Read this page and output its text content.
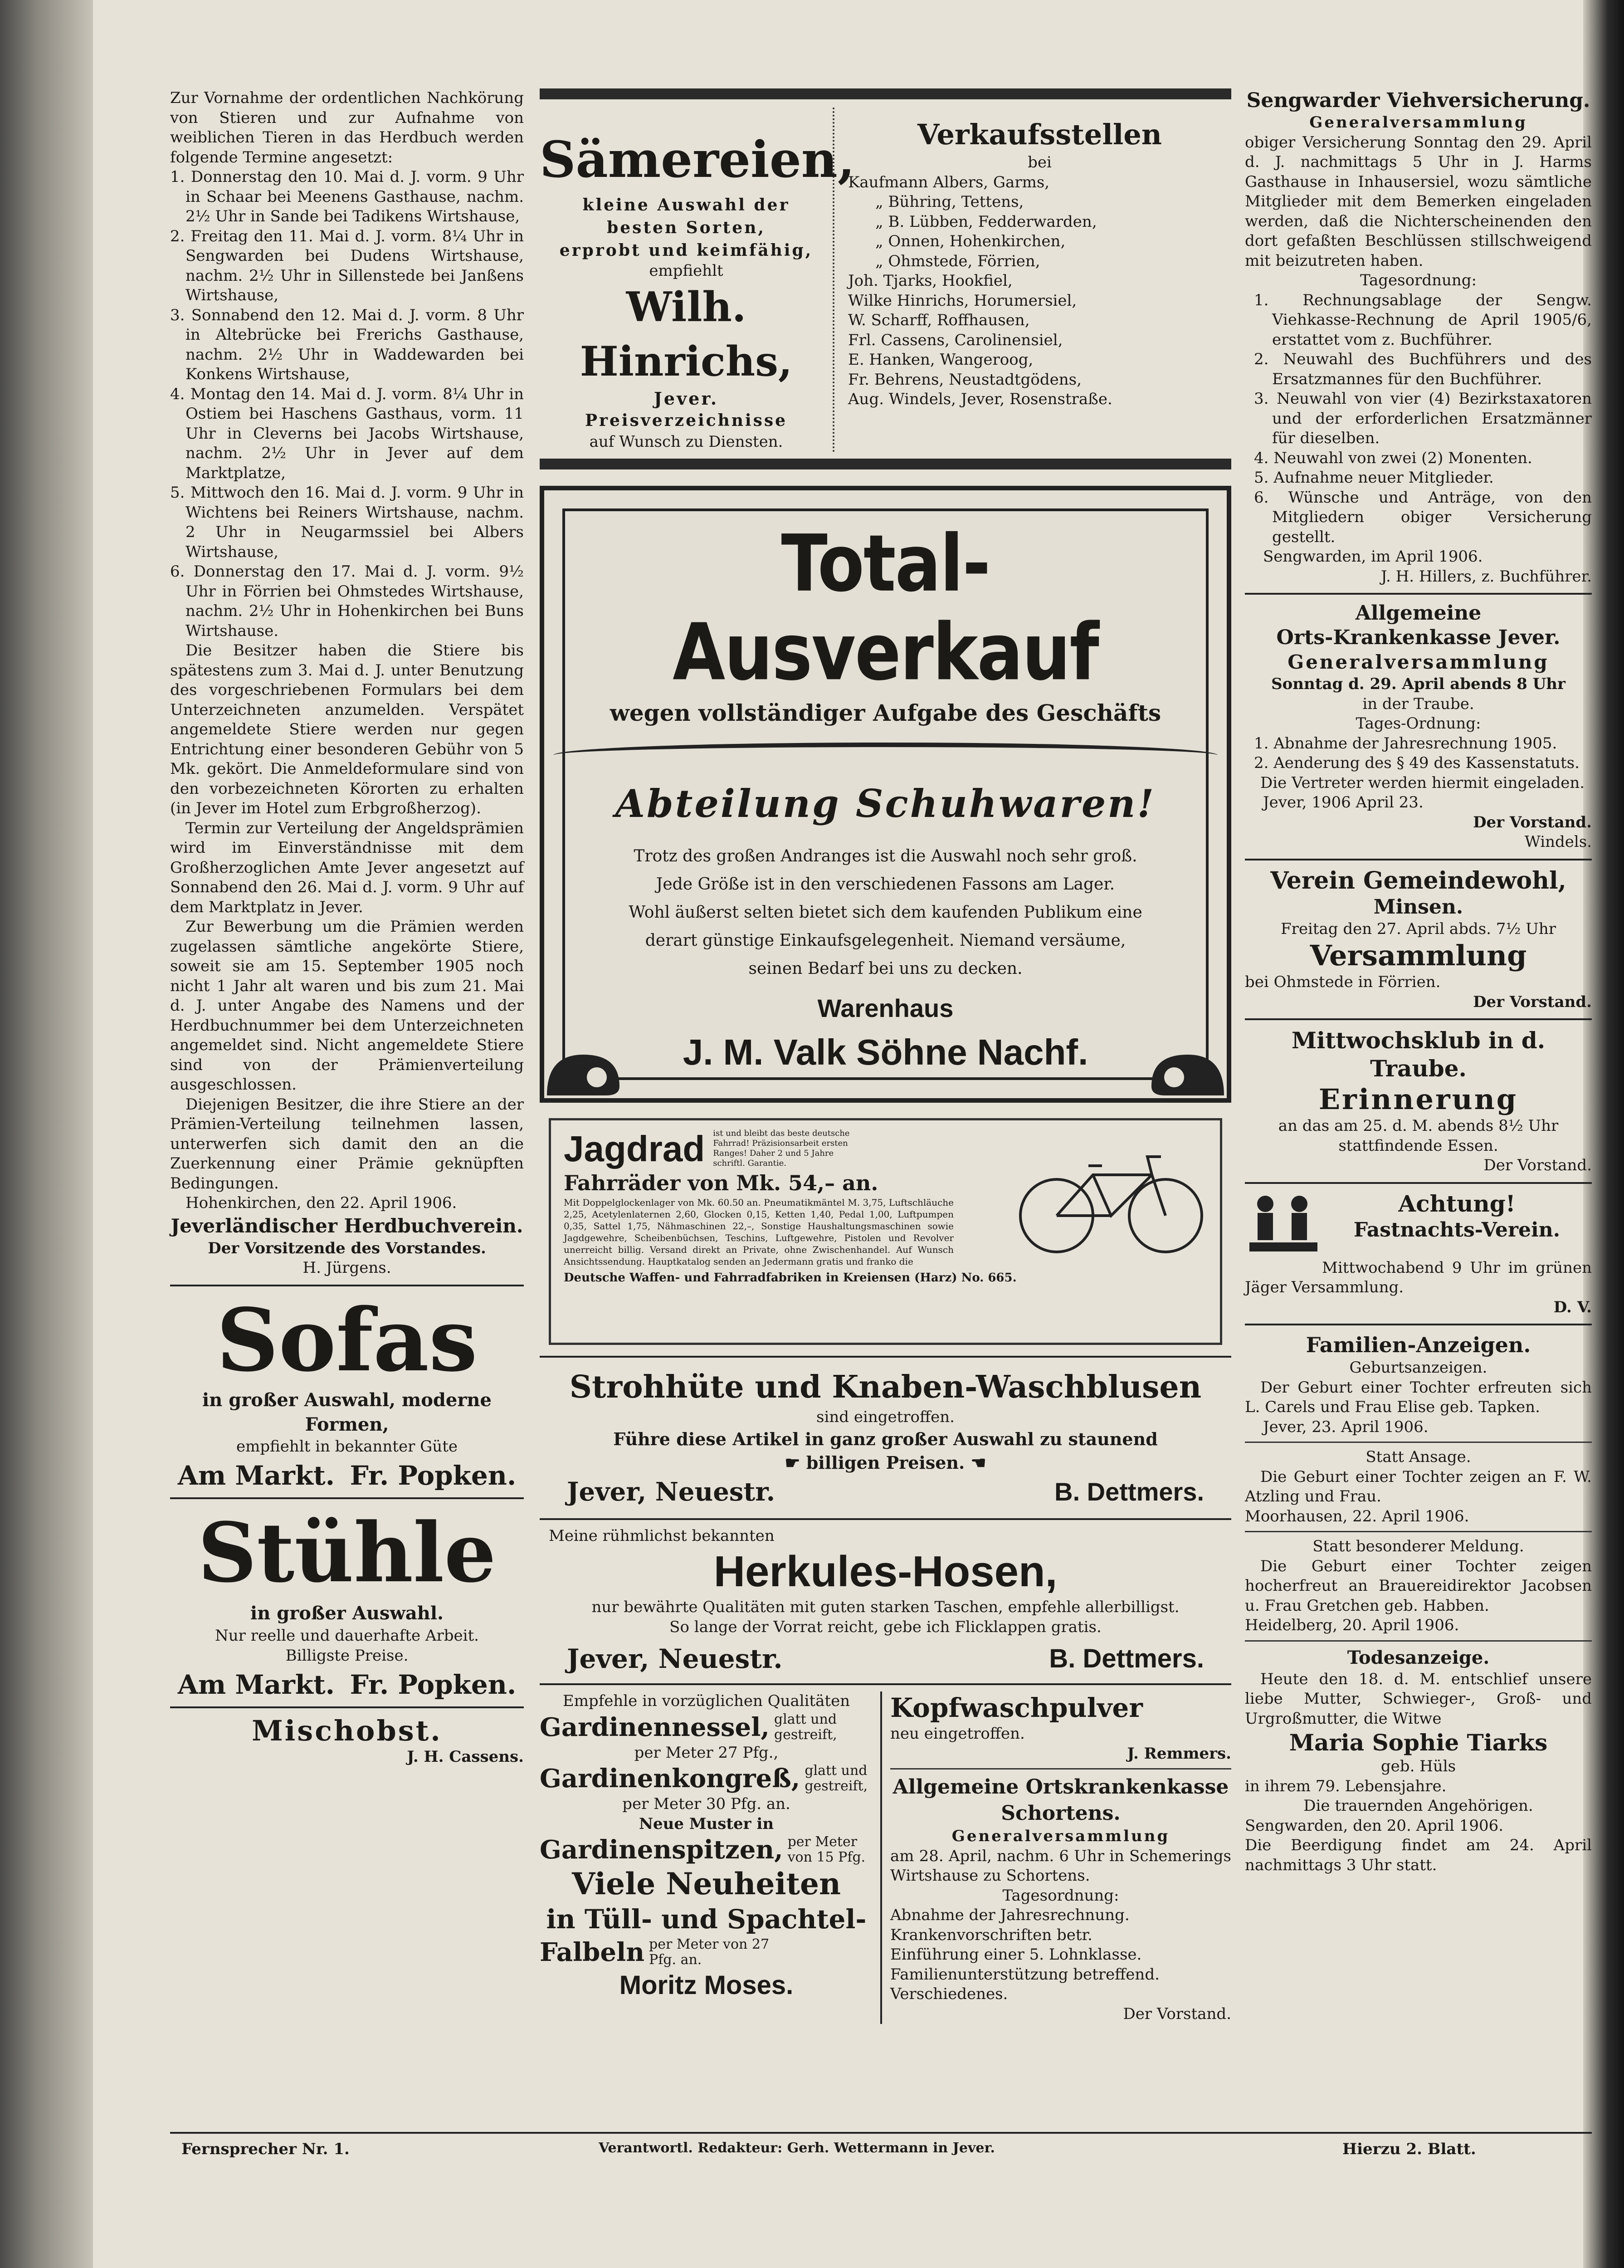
Zur Vornahme der ordentlichen Nachkörung von Stieren und zur Aufnahme von weiblichen Tieren in das Herdbuch werden folgende Termine angesetzt:

1. Donnerstag den 10. Mai d. J. vorm. 9 Uhr in Schaar bei Meenens Gasthause, nachm. 2½ Uhr in Sande bei Tadikens Wirtshause,

2. Freitag den 11. Mai d. J. vorm. 8¼ Uhr in Sengwarden bei Dudens Wirtshause, nachm. 2½ Uhr in Sillenstede bei Janßens Wirtshause,

3. Sonnabend den 12. Mai d. J. vorm. 8 Uhr in Altebrücke bei Frerichs Gasthause, nachm. 2½ Uhr in Waddewarden bei Konkens Wirtshause,

4. Montag den 14. Mai d. J. vorm. 8¼ Uhr in Ostiem bei Haschens Gasthaus, vorm. 11 Uhr in Cleverns bei Jacobs Wirtshause, nachm. 2½ Uhr in Jever auf dem Marktplatze,

5. Mittwoch den 16. Mai d. J. vorm. 9 Uhr in Wichtens bei Reiners Wirtshause, nachm. 2 Uhr in Neugarmssiel bei Albers Wirtshause,

6. Donnerstag den 17. Mai d. J. vorm. 9½ Uhr in Förrien bei Ohmstedes Wirtshause, nachm. 2½ Uhr in Hohenkirchen bei Buns Wirtshause.

Die Besitzer haben die Stiere bis spätestens zum 3. Mai d. J. unter Benutzung des vorgeschriebenen Formulars bei dem Unterzeichneten anzumelden. Verspätet angemeldete Stiere werden nur gegen Entrichtung einer besonderen Gebühr von 5 Mk. gekört. Die Anmeldeformulare sind von den vorbezeichneten Körorten zu erhalten (in Jever im Hotel zum Erbgroßherzog).

Termin zur Verteilung der Angeldsprämien wird im Einverständnisse mit dem Großherzoglichen Amte Jever angesetzt auf Sonnabend den 26. Mai d. J. vorm. 9 Uhr auf dem Marktplatz in Jever.

Zur Bewerbung um die Prämien werden zugelassen sämtliche angekörte Stiere, soweit sie am 15. September 1905 noch nicht 1 Jahr alt waren und bis zum 21. Mai d. J. unter Angabe des Namens und der Herdbuchnummer bei dem Unterzeichneten angemeldet sind. Nicht angemeldete Stiere sind von der Prämienverteilung ausgeschlossen.

Diejenigen Besitzer, die ihre Stiere an der Prämien-Verteilung teilnehmen lassen, unterwerfen sich damit den an die Zuerkennung einer Prämie geknüpften Bedingungen.

Hohenkirchen, den 22. April 1906.

Jeverländischer Herdbuchverein.

Der Vorsitzende des Vorstandes.

H. Jürgens.

Sofas

in großer Auswahl, moderne Formen,

empfiehlt in bekannter Güte

Am Markt. Fr. Popken.

Stühle

in großer Auswahl.

Nur reelle und dauerhafte Arbeit.

Billigste Preise.

Am Markt. Fr. Popken.

Mischobst.

J. H. Cassens.

Sämereien,

kleine Auswahl der

besten Sorten,

erprobt und keimfähig,

empfiehlt

Wilh. Hinrichs,

Jever.

Preisverzeichnisse

auf Wunsch zu Diensten.

Verkaufsstellen

bei

Kaufmann Albers, Garms,

„ Bühring, Tettens,

„ B. Lübben, Fedderwarden,

„ Onnen, Hohenkirchen,

„ Ohmstede, Förrien,

Joh. Tjarks, Hookfiel,

Wilke Hinrichs, Horumersiel,

W. Scharff, Roffhausen,

Frl. Cassens, Carolinensiel,

E. Hanken, Wangeroog,

Fr. Behrens, Neustadtgödens,

Aug. Windels, Jever, Rosenstraße.

Total-Ausverkauf

wegen vollständiger Aufgabe des Geschäfts

Abteilung Schuhwaren!

Trotz des großen Andranges ist die Auswahl noch sehr groß.

Jede Größe ist in den verschiedenen Fassons am Lager.

Wohl äußerst selten bietet sich dem kaufenden Publikum eine

derart günstige Einkaufsgelegenheit. Niemand versäume,

seinen Bedarf bei uns zu decken.

Warenhaus

J. M. Valk Söhne Nachf.

Jagdrad ist und bleibt das beste deutsche Fahrrad! Präzisionsarbeit ersten Ranges! Daher 2 und 5 Jahre schriftl. Garantie.

Fahrräder von Mk. 54,– an.

Mit Doppelglockenlager von Mk. 60.50 an. Pneumatikmäntel M. 3,75, Luftschläuche 2,25, Acetylenlaternen 2,60, Glocken 0,15, Ketten 1,40, Pedal 1,00, Luftpumpen 0,35, Sattel 1,75, Nähmaschinen 22,–, Sonstige Haushaltungsmaschinen sowie Jagdgewehre, Scheibenbüchsen, Teschins, Luftgewehre, Pistolen und Revolver unerreicht billig. Versand direkt an Private, ohne Zwischenhandel. Auf Wunsch Ansichtssendung. Hauptkatalog senden an Jedermann gratis und franko die

Deutsche Waffen- und Fahrradfabriken in Kreiensen (Harz) No. 665.

Strohhüte und Knaben-Waschblusen

sind eingetroffen.

Führe diese Artikel in ganz großer Auswahl zu staunend

☛ billigen Preisen. ☚

Jever, Neuestr.	B. Dettmers.

Meine rühmlichst bekannten

Herkules-Hosen,

nur bewährte Qualitäten mit guten starken Taschen, empfehle allerbilligst.

So lange der Vorrat reicht, gebe ich Flicklappen gratis.

Jever, Neuestr.	B. Dettmers.

Empfehle in vorzüglichen Qualitäten

Gardinennessel, glatt und gestreift,

per Meter 27 Pfg.,

Gardinenkongreß, glatt und gestreift,

per Meter 30 Pfg. an.

Neue Muster in

Gardinenspitzen, per Meter von 15 Pfg.

Viele Neuheiten

in Tüll- und Spachtel-

Falbeln per Meter von 27 Pfg. an.

Moritz Moses.

Kopfwaschpulver

neu eingetroffen.

J. Remmers.

Allgemeine Ortskrankenkasse

Schortens.

Generalversammlung

am 28. April, nachm. 6 Uhr in Schemerings Wirtshause zu Schortens.

Tagesordnung:

Abnahme der Jahresrechnung.

Krankenvorschriften betr.

Einführung einer 5. Lohnklasse.

Familienunterstützung betreffend.

Verschiedenes.

Der Vorstand.

Sengwarder Viehversicherung.

Generalversammlung

obiger Versicherung Sonntag den 29. April d. J. nachmittags 5 Uhr in J. Harms Gasthause in Inhausersiel, wozu sämtliche Mitglieder mit dem Bemerken eingeladen werden, daß die Nichterscheinenden den dort gefaßten Beschlüssen stillschweigend mit beizutreten haben.

Tagesordnung:

1. Rechnungsablage der Sengw. Viehkasse-Rechnung de April 1905/6, erstattet vom z. Buchführer.

2. Neuwahl des Buchführers und des Ersatzmannes für den Buchführer.

3. Neuwahl von vier (4) Bezirkstaxatoren und der erforderlichen Ersatzmänner für dieselben.

4. Neuwahl von zwei (2) Monenten.

5. Aufnahme neuer Mitglieder.

6. Wünsche und Anträge, von den Mitgliedern obiger Versicherung gestellt.

Sengwarden, im April 1906.

J. H. Hillers, z. Buchführer.

Allgemeine

Orts-Krankenkasse Jever.

Generalversammlung

Sonntag d. 29. April abends 8 Uhr

in der Traube.

Tages-Ordnung:

1. Abnahme der Jahresrechnung 1905.

2. Aenderung des § 49 des Kassenstatuts.

Die Vertreter werden hiermit eingeladen.

Jever, 1906 April 23.

Der Vorstand.

Windels.

Verein Gemeindewohl,

Minsen.

Freitag den 27. April abds. 7½ Uhr

Versammlung

bei Ohmstede in Förrien.

Der Vorstand.

Mittwochsklub in d. Traube.

Erinnerung

an das am 25. d. M. abends 8½ Uhr stattfindende Essen.

Der Vorstand.

Achtung!

Fastnachts-Verein.

Mittwochabend 9 Uhr im grünen Jäger Versammlung.

D. V.

Familien-Anzeigen.

Geburtsanzeigen.

Der Geburt einer Tochter erfreuten sich L. Carels und Frau Elise geb. Tapken.

Jever, 23. April 1906.

Statt Ansage.

Die Geburt einer Tochter zeigen an F. W. Atzling und Frau.

Moorhausen, 22. April 1906.

Statt besonderer Meldung.

Die Geburt einer Tochter zeigen hocherfreut an Brauereidirektor Jacobsen u. Frau Gretchen geb. Habben.

Heidelberg, 20. April 1906.

Todesanzeige.

Heute den 18. d. M. entschlief unsere liebe Mutter, Schwieger-, Groß- und Urgroßmutter, die Witwe

Maria Sophie Tiarks

geb. Hüls

in ihrem 79. Lebensjahre.

Die trauernden Angehörigen.

Sengwarden, den 20. April 1906.

Die Beerdigung findet am 24. April nachmittags 3 Uhr statt.

Fernsprecher Nr. 1.	Verantwortl. Redakteur: Gerh. Wettermann in Jever.	Hierzu 2. Blatt.
